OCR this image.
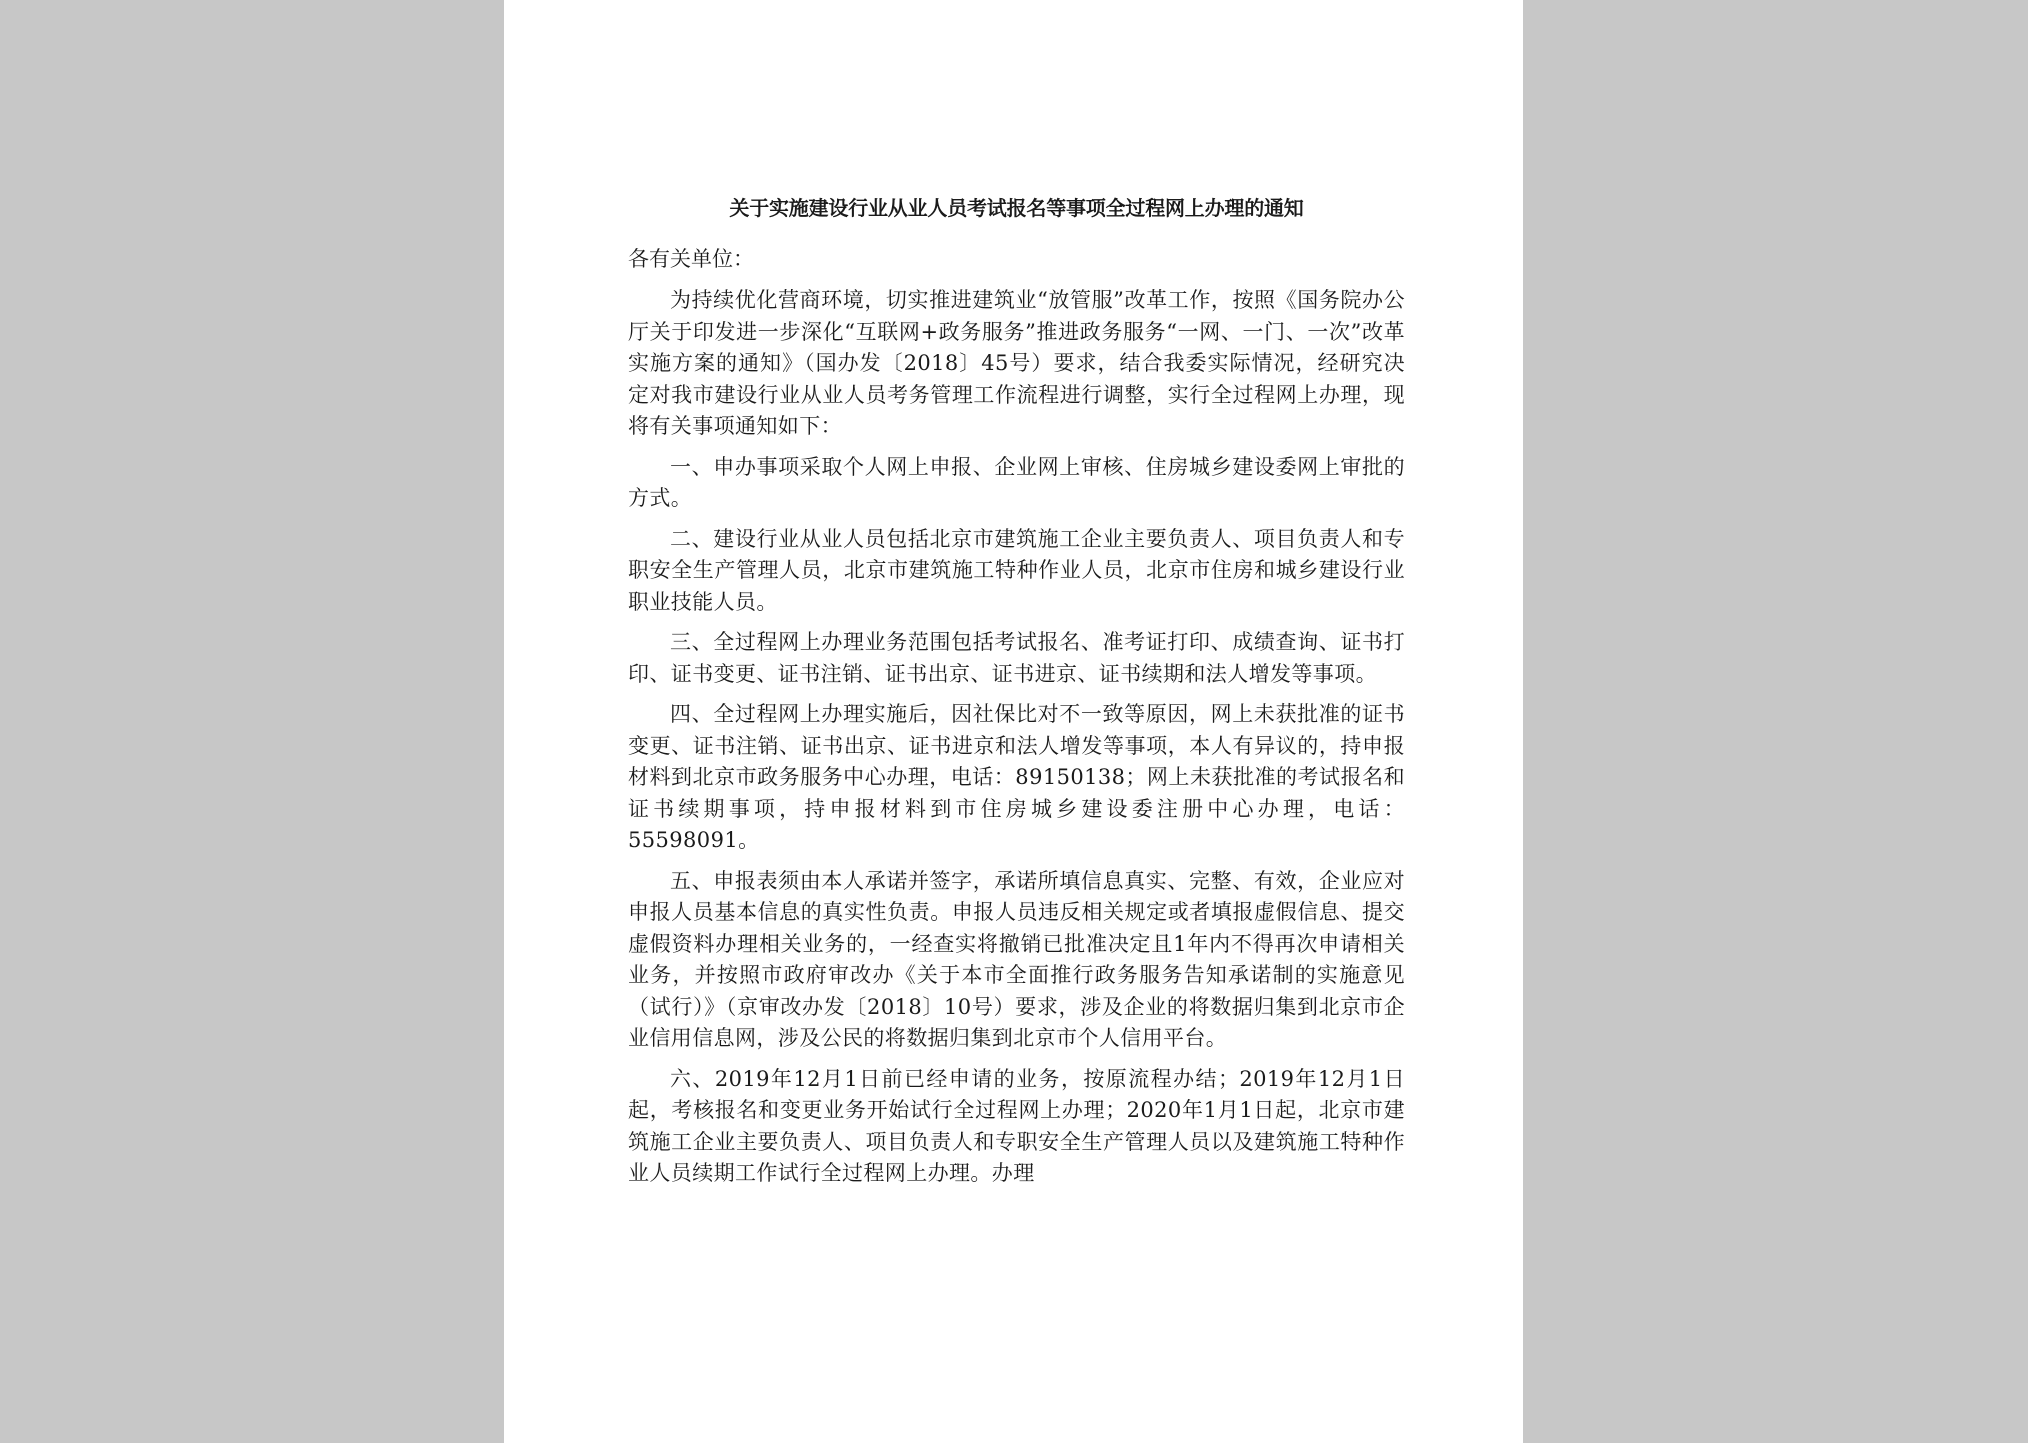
关于实施建设行业从业人员考试报名等事项全过程网上办理的通知
各有关单位：

为持续优化营商环境，切实推进建筑业“放管服”改革工作，按照《国务院办公厅关于印发进一步深化“互联网+政务服务”推进政务服务“一网、一门、一次”改革实施方案的通知》（国办发〔2018〕45号）要求，结合我委实际情况，经研究决定对我市建设行业从业人员考务管理工作流程进行调整，实行全过程网上办理，现将有关事项通知如下：

一、申办事项采取个人网上申报、企业网上审核、住房城乡建设委网上审批的方式。

二、建设行业从业人员包括北京市建筑施工企业主要负责人、项目负责人和专职安全生产管理人员，北京市建筑施工特种作业人员，北京市住房和城乡建设行业职业技能人员。

三、全过程网上办理业务范围包括考试报名、准考证打印、成绩查询、证书打印、证书变更、证书注销、证书出京、证书进京、证书续期和法人增发等事项。

四、全过程网上办理实施后，因社保比对不一致等原因，网上未获批准的证书变更、证书注销、证书出京、证书进京和法人增发等事项，本人有异议的，持申报材料到北京市政务服务中心办理，电话：89150138；网上未获批准的考试报名和证书续期事项，持申报材料到市住房城乡建设委注册中心办理，电话：55598091。

五、申报表须由本人承诺并签字，承诺所填信息真实、完整、有效，企业应对申报人员基本信息的真实性负责。申报人员违反相关规定或者填报虚假信息、提交虚假资料办理相关业务的，一经查实将撤销已批准决定且1年内不得再次申请相关业务，并按照市政府审改办《关于本市全面推行政务服务告知承诺制的实施意见（试行）》（京审改办发〔2018〕10号）要求，涉及企业的将数据归集到北京市企业信用信息网，涉及公民的将数据归集到北京市个人信用平台。

六、2019年12月1日前已经申请的业务，按原流程办结；2019年12月1日起，考核报名和变更业务开始试行全过程网上办理；2020年1月1日起，北京市建筑施工企业主要负责人、项目负责人和专职安全生产管理人员以及建筑施工特种作业人员续期工作试行全过程网上办理。办理
